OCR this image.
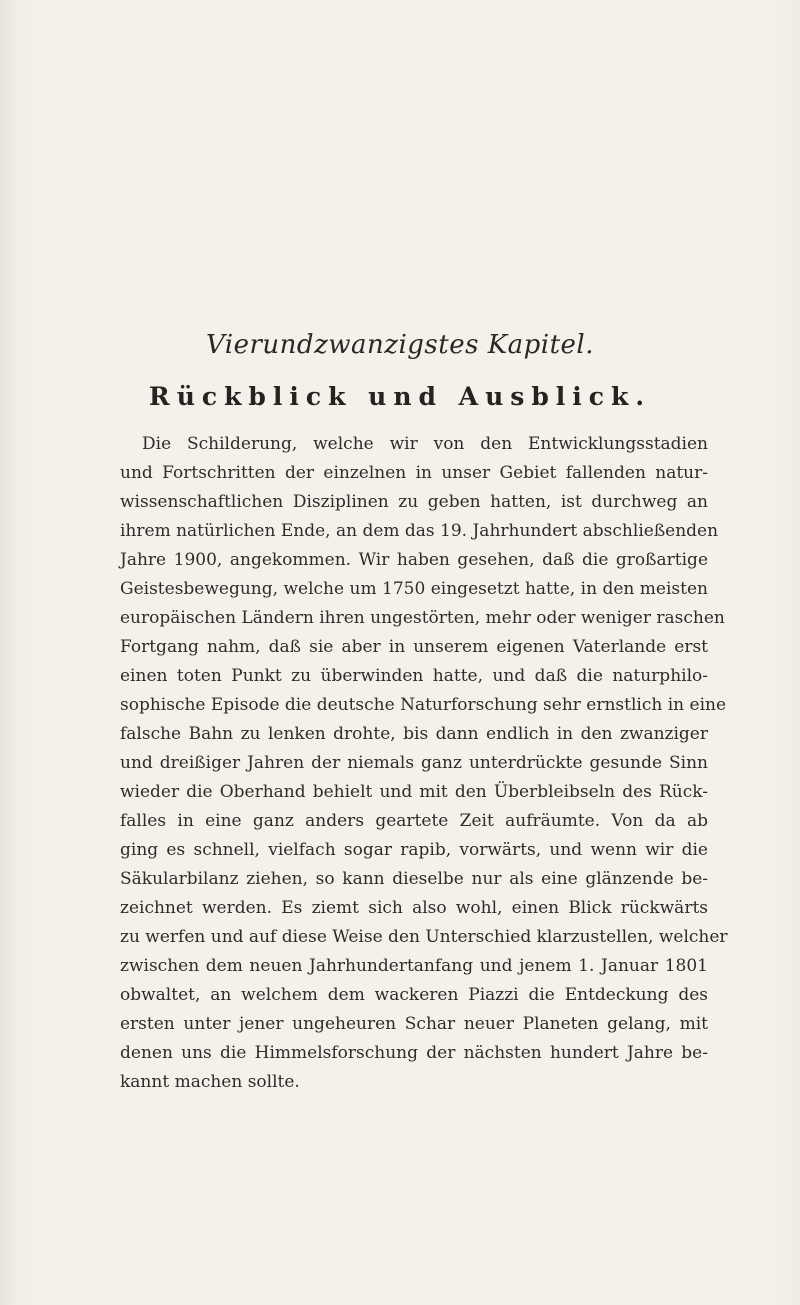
Vierundzwanzigstes Kapitel.
Rückblick und Ausblick.
Die Schilderung, welche wir von den Entwicklungsstadien
und Fortschritten der einzelnen in unser Gebiet fallenden natur-
wissenschaftlichen Disziplinen zu geben hatten, ist durchweg an
ihrem natürlichen Ende, an dem das 19. Jahrhundert abschließenden
Jahre 1900, angekommen. Wir haben gesehen, daß die großartige
Geistesbewegung, welche um 1750 eingesetzt hatte, in den meisten
europäischen Ländern ihren ungestörten, mehr oder weniger raschen
Fortgang nahm, daß sie aber in unserem eigenen Vaterlande erst
einen toten Punkt zu überwinden hatte, und daß die naturphilo-
sophische Episode die deutsche Naturforschung sehr ernstlich in eine
falsche Bahn zu lenken drohte, bis dann endlich in den zwanziger
und dreißiger Jahren der niemals ganz unterdrückte gesunde Sinn
wieder die Oberhand behielt und mit den Überbleibseln des Rück-
falles in eine ganz anders geartete Zeit aufräumte. Von da ab
ging es schnell, vielfach sogar rapib, vorwärts, und wenn wir die
Säkularbilanz ziehen, so kann dieselbe nur als eine glänzende be-
zeichnet werden. Es ziemt sich also wohl, einen Blick rückwärts
zu werfen und auf diese Weise den Unterschied klarzustellen, welcher
zwischen dem neuen Jahrhundertanfang und jenem 1. Januar 1801
obwaltet, an welchem dem wackeren Piazzi die Entdeckung des
ersten unter jener ungeheuren Schar neuer Planeten gelang, mit
denen uns die Himmelsforschung der nächsten hundert Jahre be-
kannt machen sollte.
